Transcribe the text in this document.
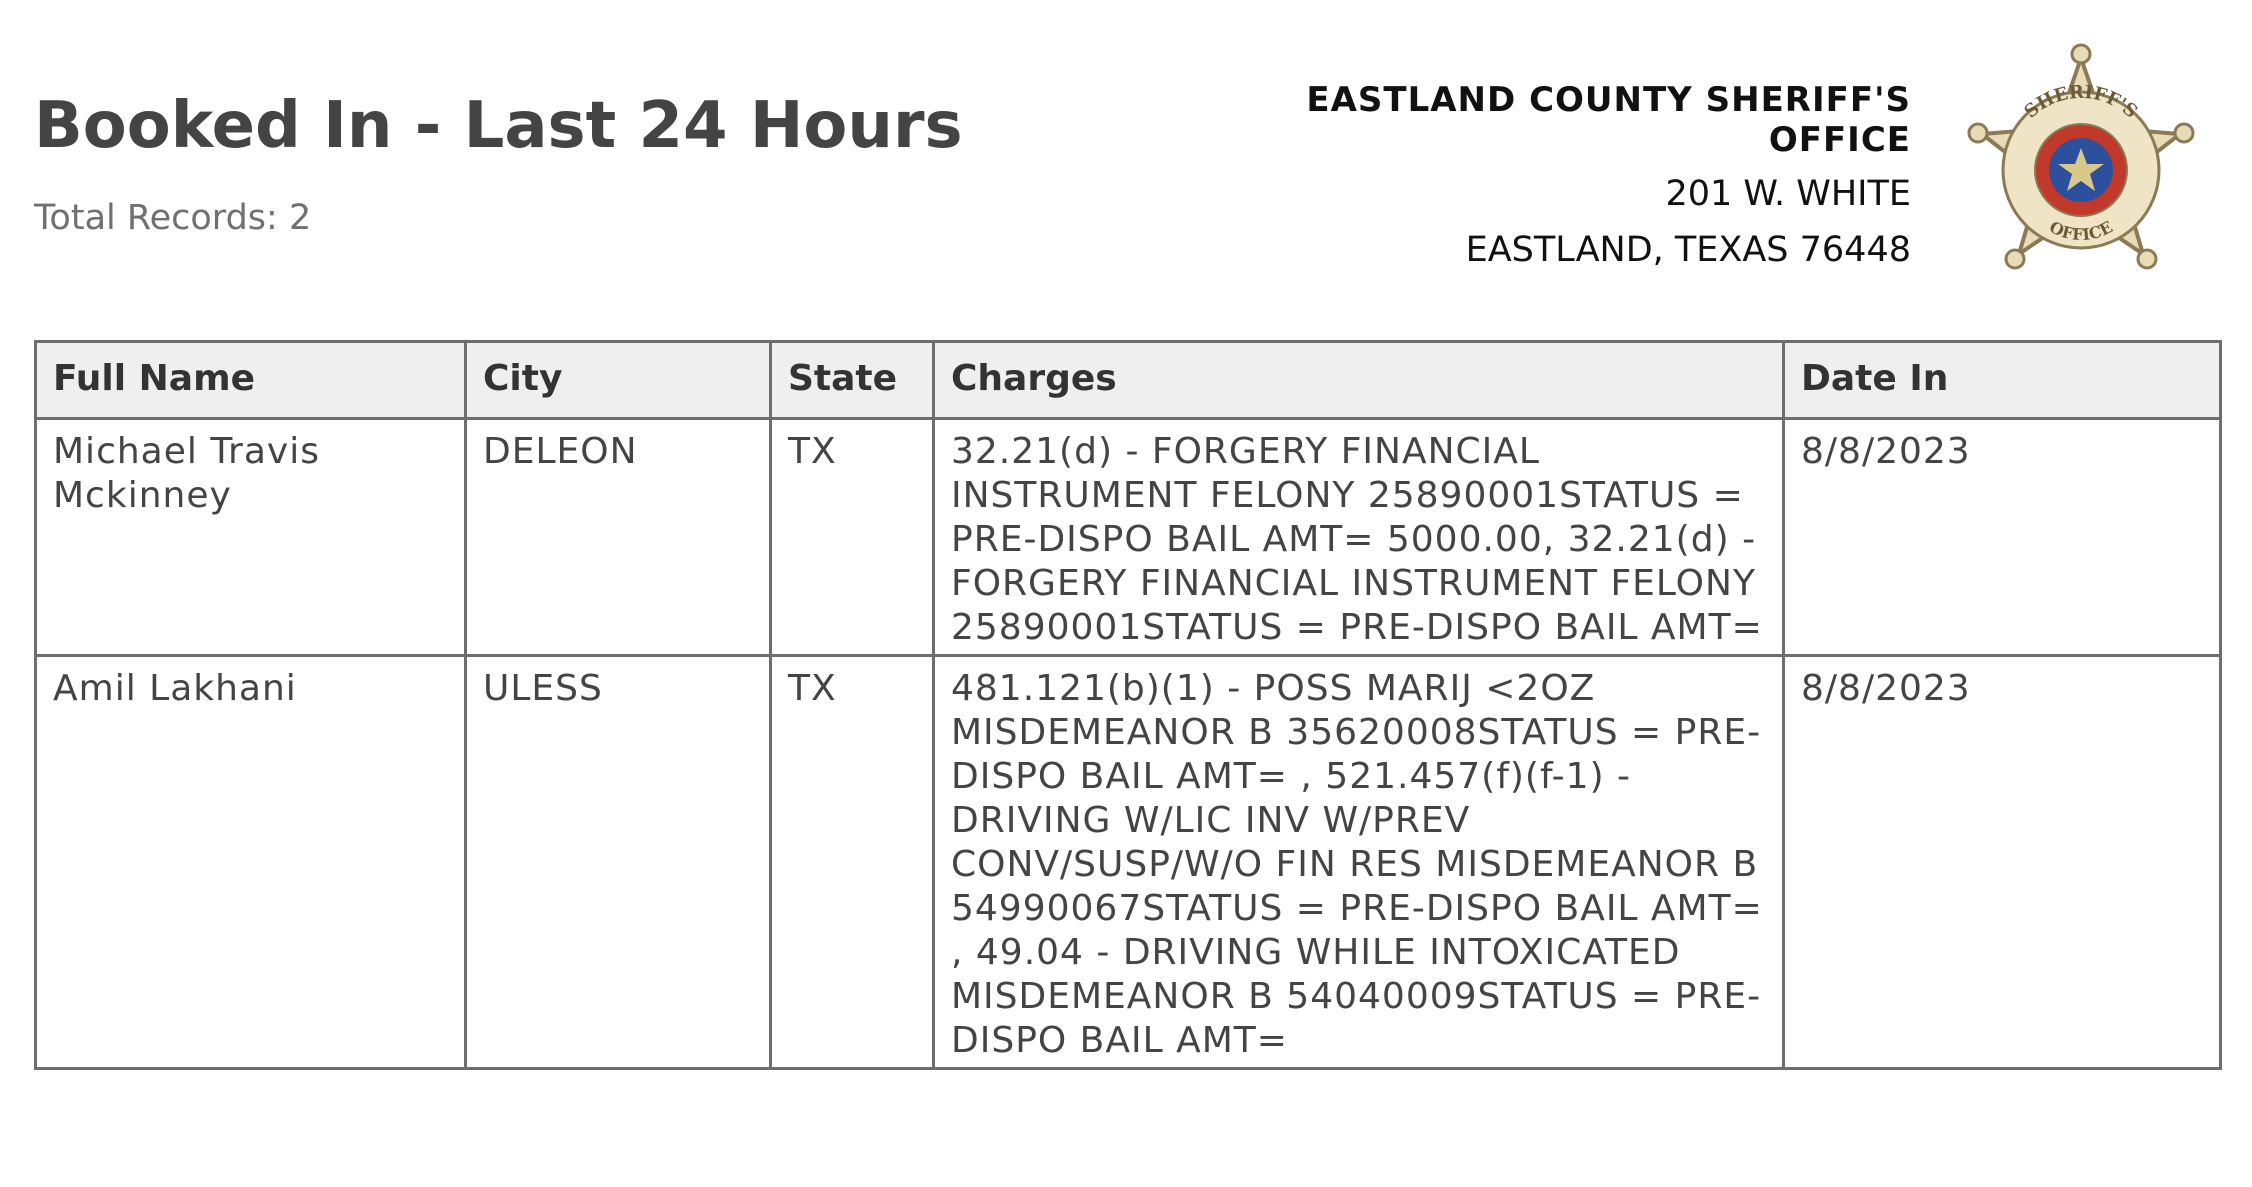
Booked In - Last 24 Hours
Total Records: 2
EASTLAND COUNTY SHERIFF'S OFFICE
201 W. WHITE
EASTLAND, TEXAS 76448
SHERIFF'S
OFFICE
Full Name	City	State	Charges	Date In
Michael Travis Mckinney	DELEON	TX	32.21(d) - FORGERY FINANCIAL INSTRUMENT FELONY 25890001STATUS = PRE-DISPO BAIL AMT= 5000.00, 32.21(d) - FORGERY FINANCIAL INSTRUMENT FELONY 25890001STATUS = PRE-DISPO BAIL AMT=	8/8/2023
Amil Lakhani	ULESS	TX	481.121(b)(1) - POSS MARIJ <2OZ MISDEMEANOR B 35620008STATUS = PRE-DISPO BAIL AMT= , 521.457(f)(f-1) - DRIVING W/LIC INV W/PREV CONV/SUSP/W/O FIN RES MISDEMEANOR B 54990067STATUS = PRE-DISPO BAIL AMT= , 49.04 - DRIVING WHILE INTOXICATED MISDEMEANOR B 54040009STATUS = PRE-DISPO BAIL AMT=	8/8/2023
